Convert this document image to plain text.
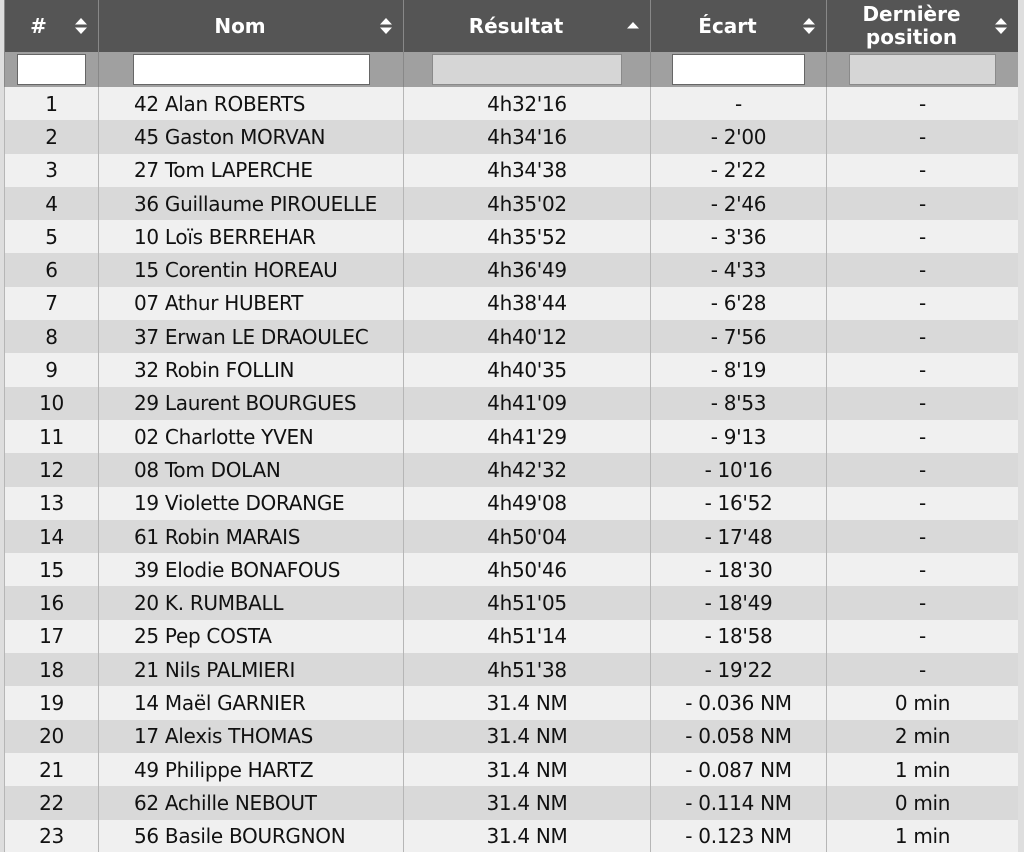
#	Nom	Résultat	Écart	Dernière position

1	42 Alan ROBERTS	4h32'16	-	-
2	45 Gaston MORVAN	4h34'16	- 2'00	-
3	27 Tom LAPERCHE	4h34'38	- 2'22	-
4	36 Guillaume PIROUELLE	4h35'02	- 2'46	-
5	10 Loïs BERREHAR	4h35'52	- 3'36	-
6	15 Corentin HOREAU	4h36'49	- 4'33	-
7	07 Athur HUBERT	4h38'44	- 6'28	-
8	37 Erwan LE DRAOULEC	4h40'12	- 7'56	-
9	32 Robin FOLLIN	4h40'35	- 8'19	-
10	29 Laurent BOURGUES	4h41'09	- 8'53	-
11	02 Charlotte YVEN	4h41'29	- 9'13	-
12	08 Tom DOLAN	4h42'32	- 10'16	-
13	19 Violette DORANGE	4h49'08	- 16'52	-
14	61 Robin MARAIS	4h50'04	- 17'48	-
15	39 Elodie BONAFOUS	4h50'46	- 18'30	-
16	20 K. RUMBALL	4h51'05	- 18'49	-
17	25 Pep COSTA	4h51'14	- 18'58	-
18	21 Nils PALMIERI	4h51'38	- 19'22	-
19	14 Maël GARNIER	31.4 NM	- 0.036 NM	0 min
20	17 Alexis THOMAS	31.4 NM	- 0.058 NM	2 min
21	49 Philippe HARTZ	31.4 NM	- 0.087 NM	1 min
22	62 Achille NEBOUT	31.4 NM	- 0.114 NM	0 min
23	56 Basile BOURGNON	31.4 NM	- 0.123 NM	1 min
